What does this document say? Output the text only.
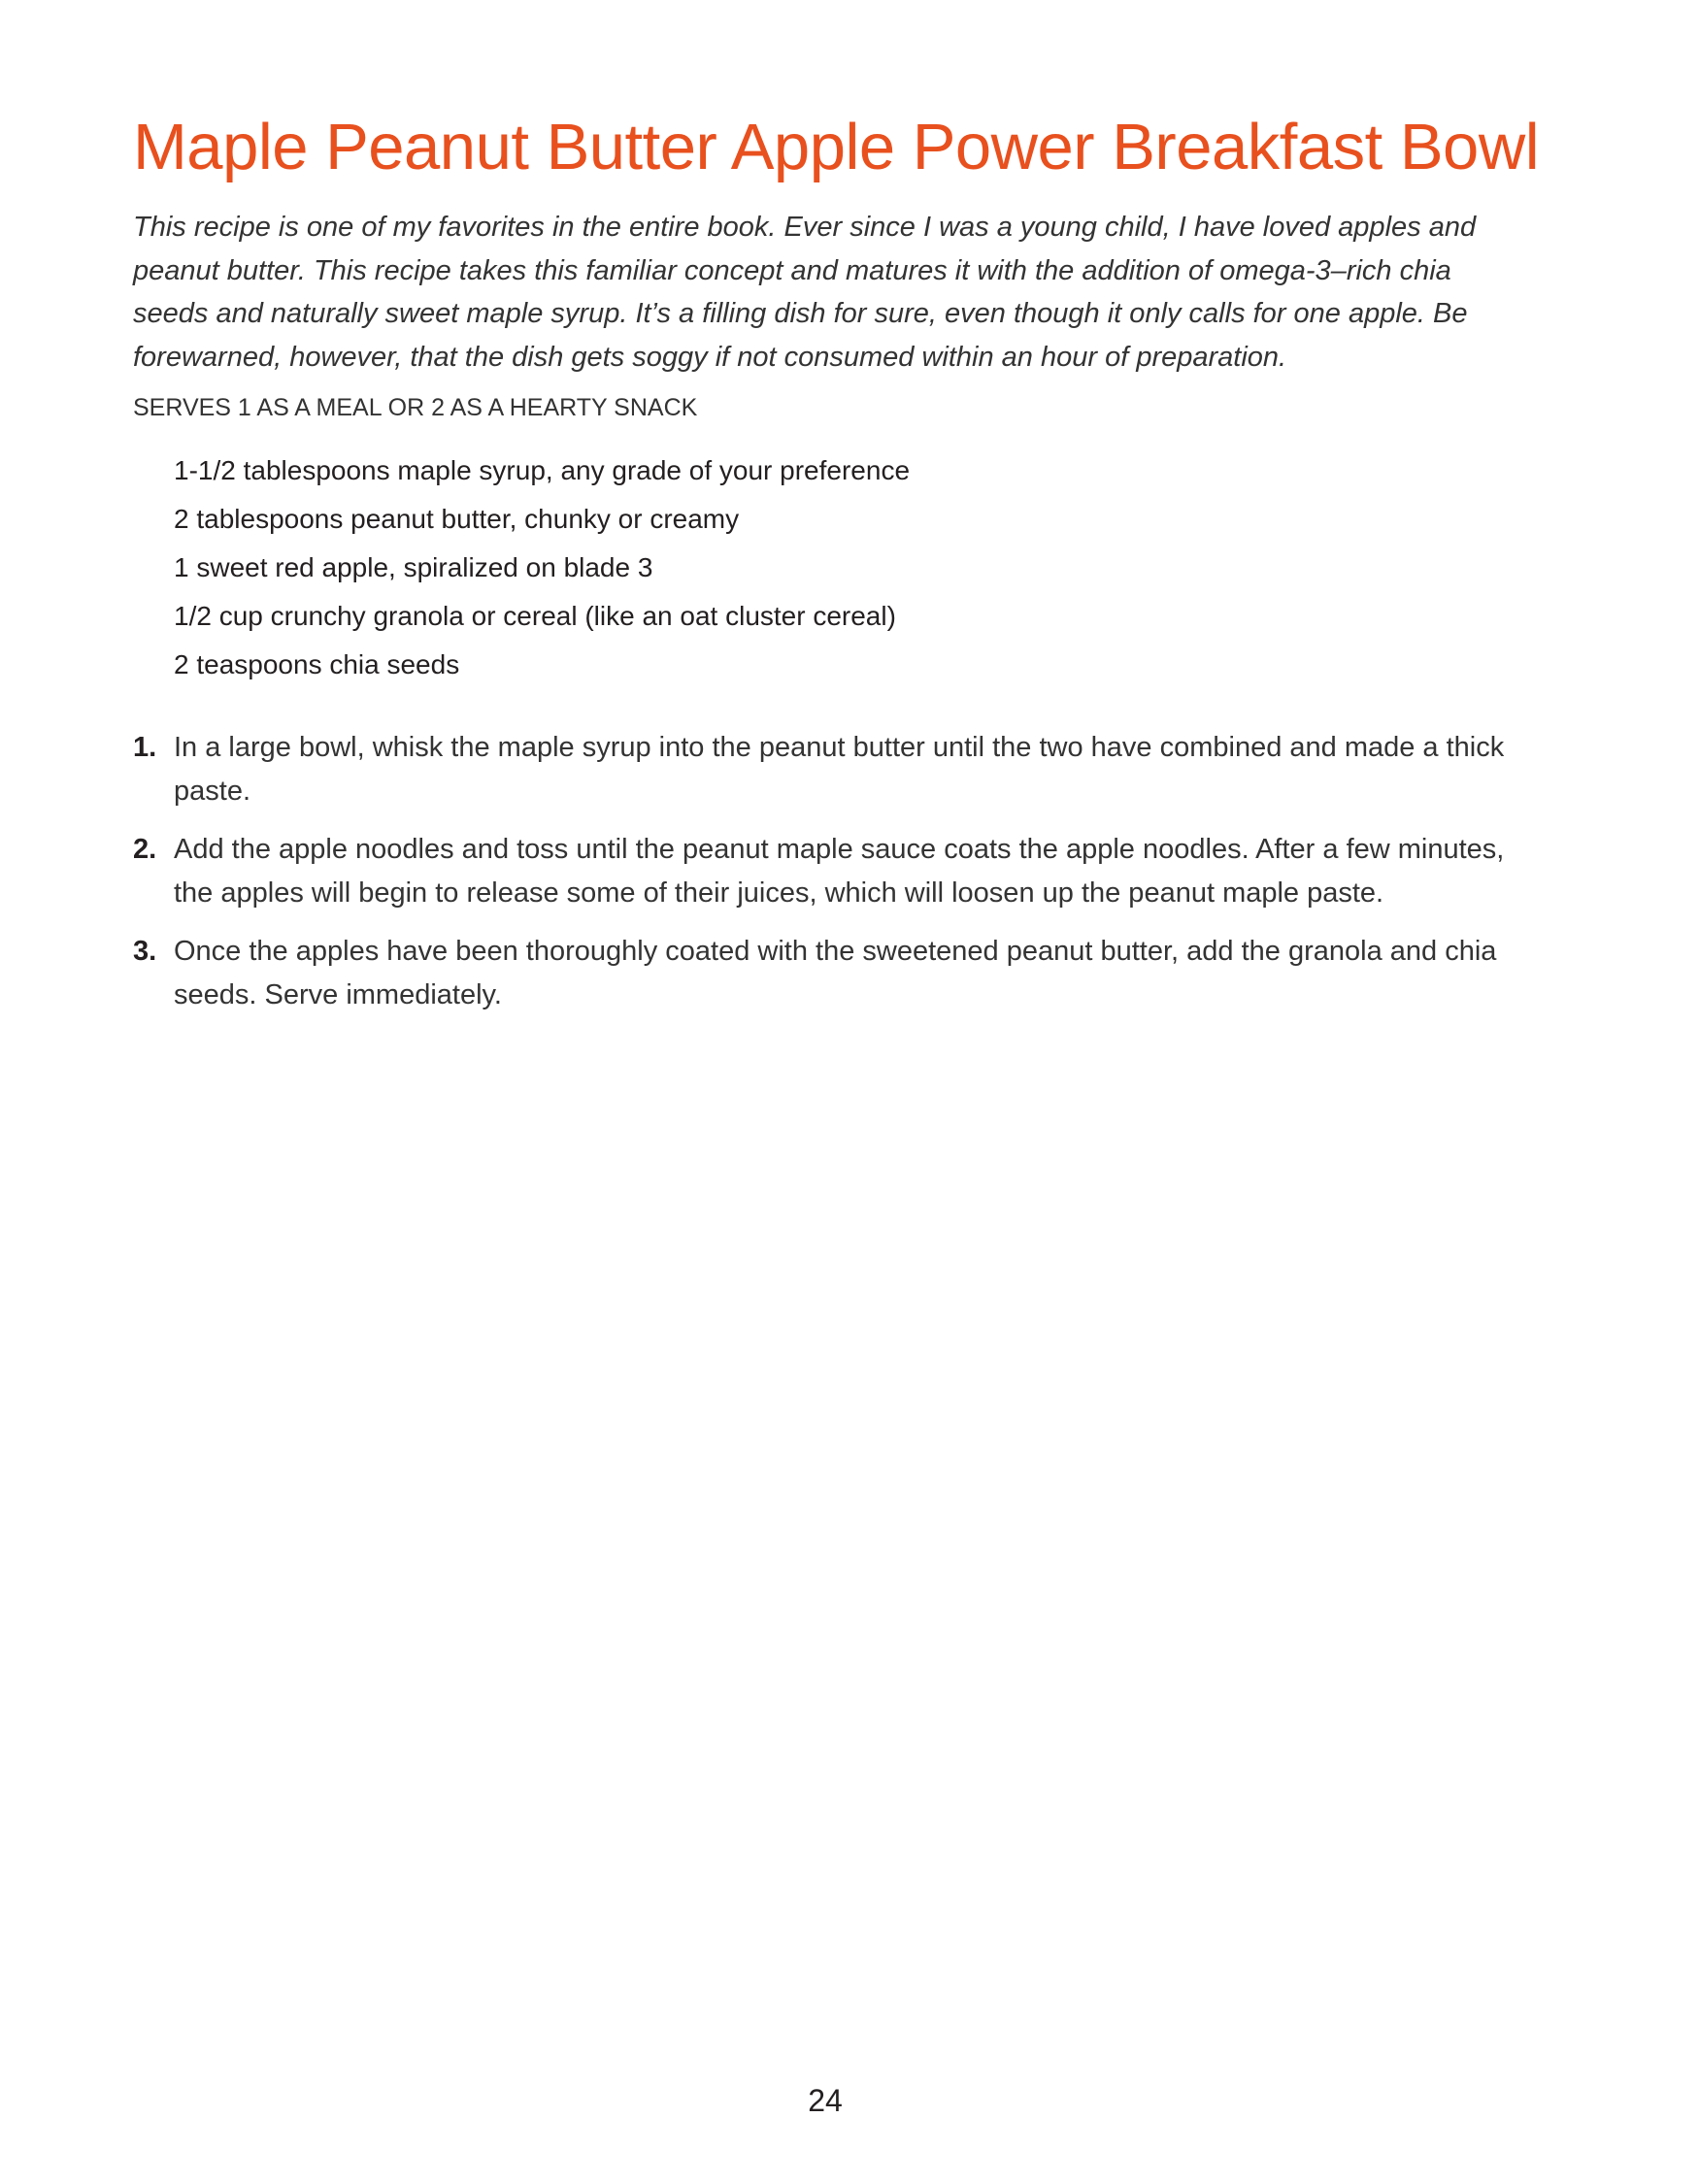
Maple Peanut Butter Apple Power Breakfast Bowl

This recipe is one of my favorites in the entire book. Ever since I was a young child, I have loved apples and peanut butter. This recipe takes this familiar concept and matures it with the addition of omega-3–rich chia seeds and naturally sweet maple syrup. It’s a filling dish for sure, even though it only calls for one apple. Be forewarned, however, that the dish gets soggy if not consumed within an hour of preparation.

SERVES 1 AS A MEAL OR 2 AS A HEARTY SNACK

1-1/2 tablespoons maple syrup, any grade of your preference
2 tablespoons peanut butter, chunky or creamy
1 sweet red apple, spiralized on blade 3
1/2 cup crunchy granola or cereal (like an oat cluster cereal)
2 teaspoons chia seeds
1. In a large bowl, whisk the maple syrup into the peanut butter until the two have combined and made a thick paste.
2. Add the apple noodles and toss until the peanut maple sauce coats the apple noodles. After a few minutes, the apples will begin to release some of their juices, which will loosen up the peanut maple paste.
3. Once the apples have been thoroughly coated with the sweetened peanut butter, add the granola and chia seeds. Serve immediately.
24
